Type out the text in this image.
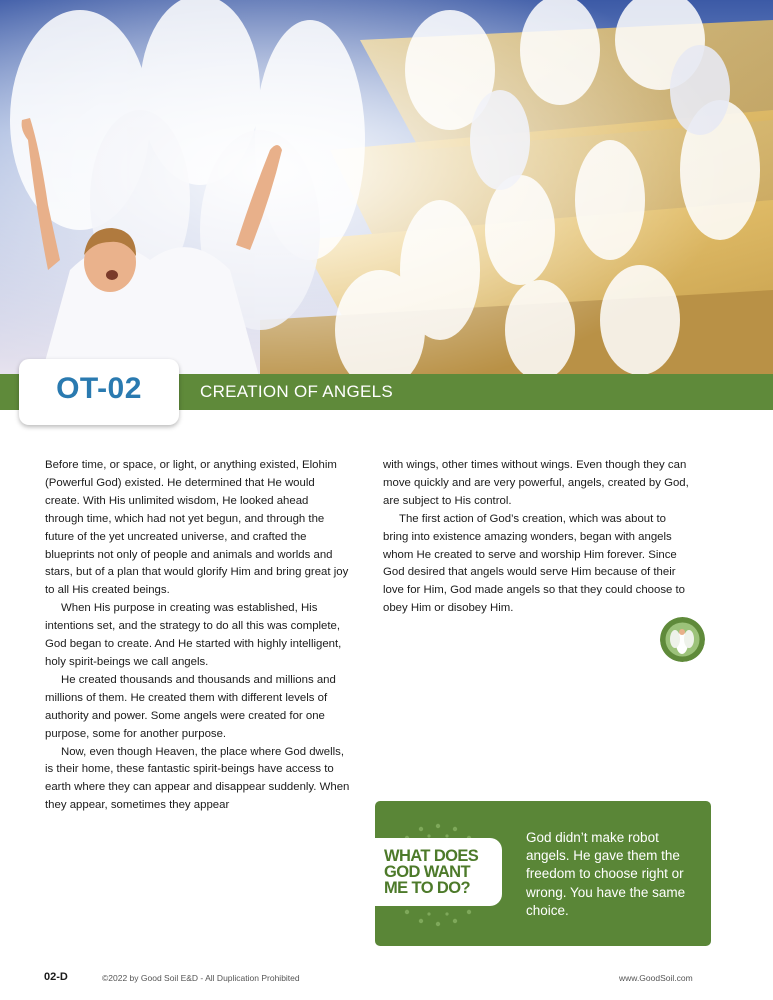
CREATION OF ANGELS
OT-02

Before time, or space, or light, or anything existed, Elohim (Powerful God) existed. He determined that He would create. With His unlimited wisdom, He looked ahead through time, which had not yet begun, and through the future of the yet uncreated universe, and crafted the blueprints not only of people and animals and worlds and stars, but of a plan that would glorify Him and bring great joy to all His created beings.

When His purpose in creating was established, His intentions set, and the strategy to do all this was complete, God began to create. And He started with highly intelligent, holy spirit-beings we call angels.

He created thousands and thousands and millions and millions of them. He created them with different levels of authority and power. Some angels were created for one purpose, some for another purpose.

Now, even though Heaven, the place where God dwells, is their home, these fantastic spirit-beings have access to earth where they can appear and disappear suddenly. When they appear, sometimes they appear

with wings, other times without wings. Even though they can move quickly and are very powerful, angels, created by God, are subject to His control.

The first action of God’s creation, which was about to bring into existence amazing wonders, began with angels whom He created to serve and worship Him forever. Since God desired that angels would serve Him because of their love for Him, God made angels so that they could choose to obey Him or disobey Him.

WHAT DOES GOD WANT ME TO DO?
God didn’t make robot angels. He gave them the freedom to choose right or wrong. You have the same choice.
02-D	©2022 by Good Soil E&D - All Duplication Prohibited	www.GoodSoil.com
